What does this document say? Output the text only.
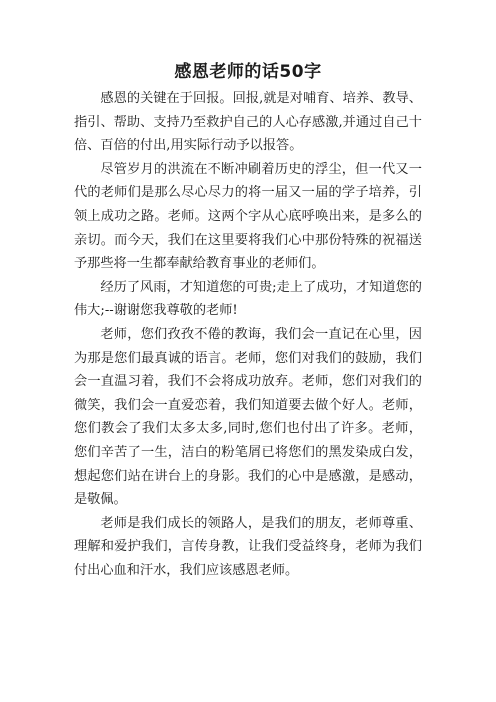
感恩老师的话50字

感恩的关键在于回报。回报,就是对哺育、培养、教导、指引、帮助、支持乃至救护自己的人心存感激,并通过自己十倍、百倍的付出,用实际行动予以报答。

尽管岁月的洪流在不断冲刷着历史的浮尘，但一代又一代的老师们是那么尽心尽力的将一届又一届的学子培养，引领上成功之路。老师。这两个字从心底呼唤出来，是多么的亲切。而今天，我们在这里要将我们心中那份特殊的祝福送予那些将一生都奉献给教育事业的老师们。

经历了风雨，才知道您的可贵;走上了成功，才知道您的伟大;--谢谢您我尊敬的老师!

老师，您们孜孜不倦的教诲，我们会一直记在心里，因为那是您们最真诚的语言。老师，您们对我们的鼓励，我们会一直温习着，我们不会将成功放弃。老师，您们对我们的微笑，我们会一直爱恋着，我们知道要去做个好人。老师，您们教会了我们太多太多,同时,您们也付出了许多。老师，您们辛苦了一生，洁白的粉笔屑已将您们的黑发染成白发，想起您们站在讲台上的身影。我们的心中是感激，是感动，是敬佩。

老师是我们成长的领路人，是我们的朋友，老师尊重、理解和爱护我们，言传身教，让我们受益终身，老师为我们付出心血和汗水，我们应该感恩老师。
